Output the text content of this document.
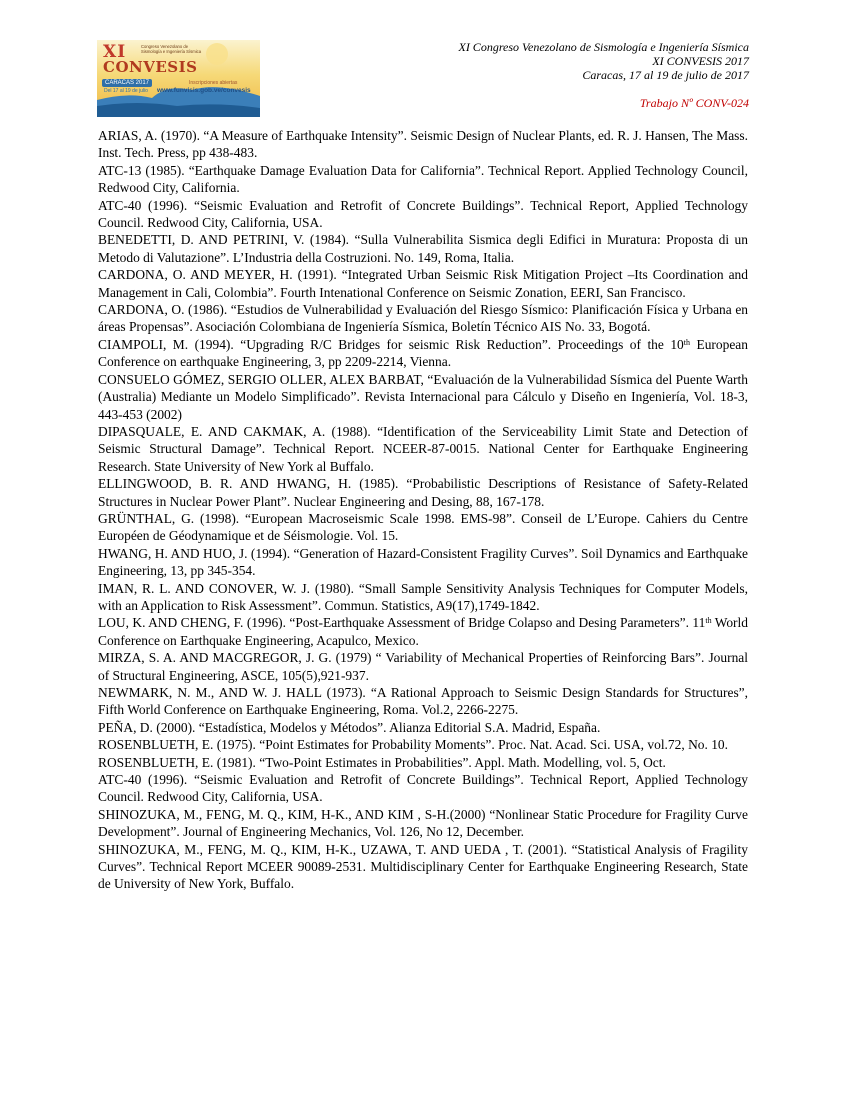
XI
CONVESIS
Congreso Venezolano de Sismología e Ingeniería Sísmica
CARACAS 2017
Del 17 al 19 de julio
Inscripciones abiertas
www.funvisis.gob.ve/convesis
XI Congreso Venezolano de Sismología e Ingeniería Sísmica
XI CONVESIS 2017
Caracas, 17 al 19 de julio de 2017
Trabajo Nº CONV-024

ARIAS, A. (1970). “A Measure of Earthquake Intensity”. Seismic Design of Nuclear Plants, ed. R. J. Hansen, The Mass. Inst. Tech. Press, pp 438-483.

ATC-13 (1985). “Earthquake Damage Evaluation Data for California”. Technical Report. Applied Technology Council, Redwood City, California.

ATC-40 (1996). “Seismic Evaluation and Retrofit of Concrete Buildings”. Technical Report, Applied Technology Council. Redwood City, California, USA.

BENEDETTI, D. AND PETRINI, V. (1984). “Sulla Vulnerabilita Sismica degli Edifici in Muratura: Proposta di un Metodo di Valutazione”. L’Industria della Costruzioni. No. 149, Roma, Italia.

CARDONA, O. AND MEYER, H. (1991). “Integrated Urban Seismic Risk Mitigation Project –Its Coordination and Management in Cali, Colombia”. Fourth Intenational Conference on Seismic Zonation, EERI, San Francisco.

CARDONA, O. (1986). “Estudios de Vulnerabilidad y Evaluación del Riesgo Sísmico: Planificación Física y Urbana en áreas Propensas”. Asociación Colombiana de Ingeniería Sísmica, Boletín Técnico AIS No. 33, Bogotá.

CIAMPOLI, M. (1994). “Upgrading R/C Bridges for seismic Risk Reduction”. Proceedings of the 10th European Conference on earthquake Engineering, 3, pp 2209-2214, Vienna.

CONSUELO GÓMEZ, SERGIO OLLER, ALEX BARBAT, “Evaluación de la Vulnerabilidad Sísmica del Puente Warth (Australia) Mediante un Modelo Simplificado”. Revista Internacional para Cálculo y Diseño en Ingeniería, Vol. 18-3, 443-453 (2002)

DIPASQUALE, E. AND CAKMAK, A. (1988). “Identification of the Serviceability Limit State and Detection of Seismic Structural Damage”. Technical Report. NCEER-87-0015. National Center for Earthquake Engineering Research. State University of New York al Buffalo.

ELLINGWOOD, B. R. AND HWANG, H. (1985). “Probabilistic Descriptions of Resistance of Safety-Related Structures in Nuclear Power Plant”. Nuclear Engineering and Desing, 88, 167-178.

GRÜNTHAL, G. (1998). “European Macroseismic Scale 1998. EMS-98”. Conseil de L’Europe. Cahiers du Centre Européen de Géodynamique et de Séismologie. Vol. 15.

HWANG, H. AND HUO, J. (1994). “Generation of Hazard-Consistent Fragility Curves”. Soil Dynamics and Earthquake Engineering, 13, pp 345-354.

IMAN, R. L. AND CONOVER, W. J. (1980). “Small Sample Sensitivity Analysis Techniques for Computer Models, with an Application to Risk Assessment”. Commun. Statistics, A9(17),1749-1842.

LOU, K. AND CHENG, F. (1996). “Post-Earthquake Assessment of Bridge Colapso and Desing Parameters”. 11th World Conference on Earthquake Engineering, Acapulco, Mexico.

MIRZA, S. A. AND MACGREGOR, J. G. (1979) “ Variability of Mechanical Properties of Reinforcing Bars”. Journal of Structural Engineering, ASCE, 105(5),921-937.

NEWMARK, N. M., AND W. J. HALL (1973). “A Rational Approach to Seismic Design Standards for Structures”, Fifth World Conference on Earthquake Engineering, Roma. Vol.2, 2266-2275.

PEÑA, D. (2000). “Estadística, Modelos y Métodos”. Alianza Editorial S.A. Madrid, España.

ROSENBLUETH, E. (1975). “Point Estimates for Probability Moments”. Proc. Nat. Acad. Sci. USA, vol.72, No. 10.

ROSENBLUETH, E. (1981). “Two-Point Estimates in Probabilities”. Appl. Math. Modelling, vol. 5, Oct.

ATC-40 (1996). “Seismic Evaluation and Retrofit of Concrete Buildings”. Technical Report, Applied Technology Council. Redwood City, California, USA.

SHINOZUKA, M., FENG, M. Q., KIM, H-K., AND KIM , S-H.(2000) “Nonlinear Static Procedure for Fragility Curve Development”. Journal of Engineering Mechanics, Vol. 126, No 12, December.

SHINOZUKA, M., FENG, M. Q., KIM, H-K., UZAWA, T. AND UEDA , T. (2001). “Statistical Analysis of Fragility Curves”. Technical Report MCEER 90089-2531. Multidisciplinary Center for Earthquake Engineering Research, State de University of New York, Buffalo.
